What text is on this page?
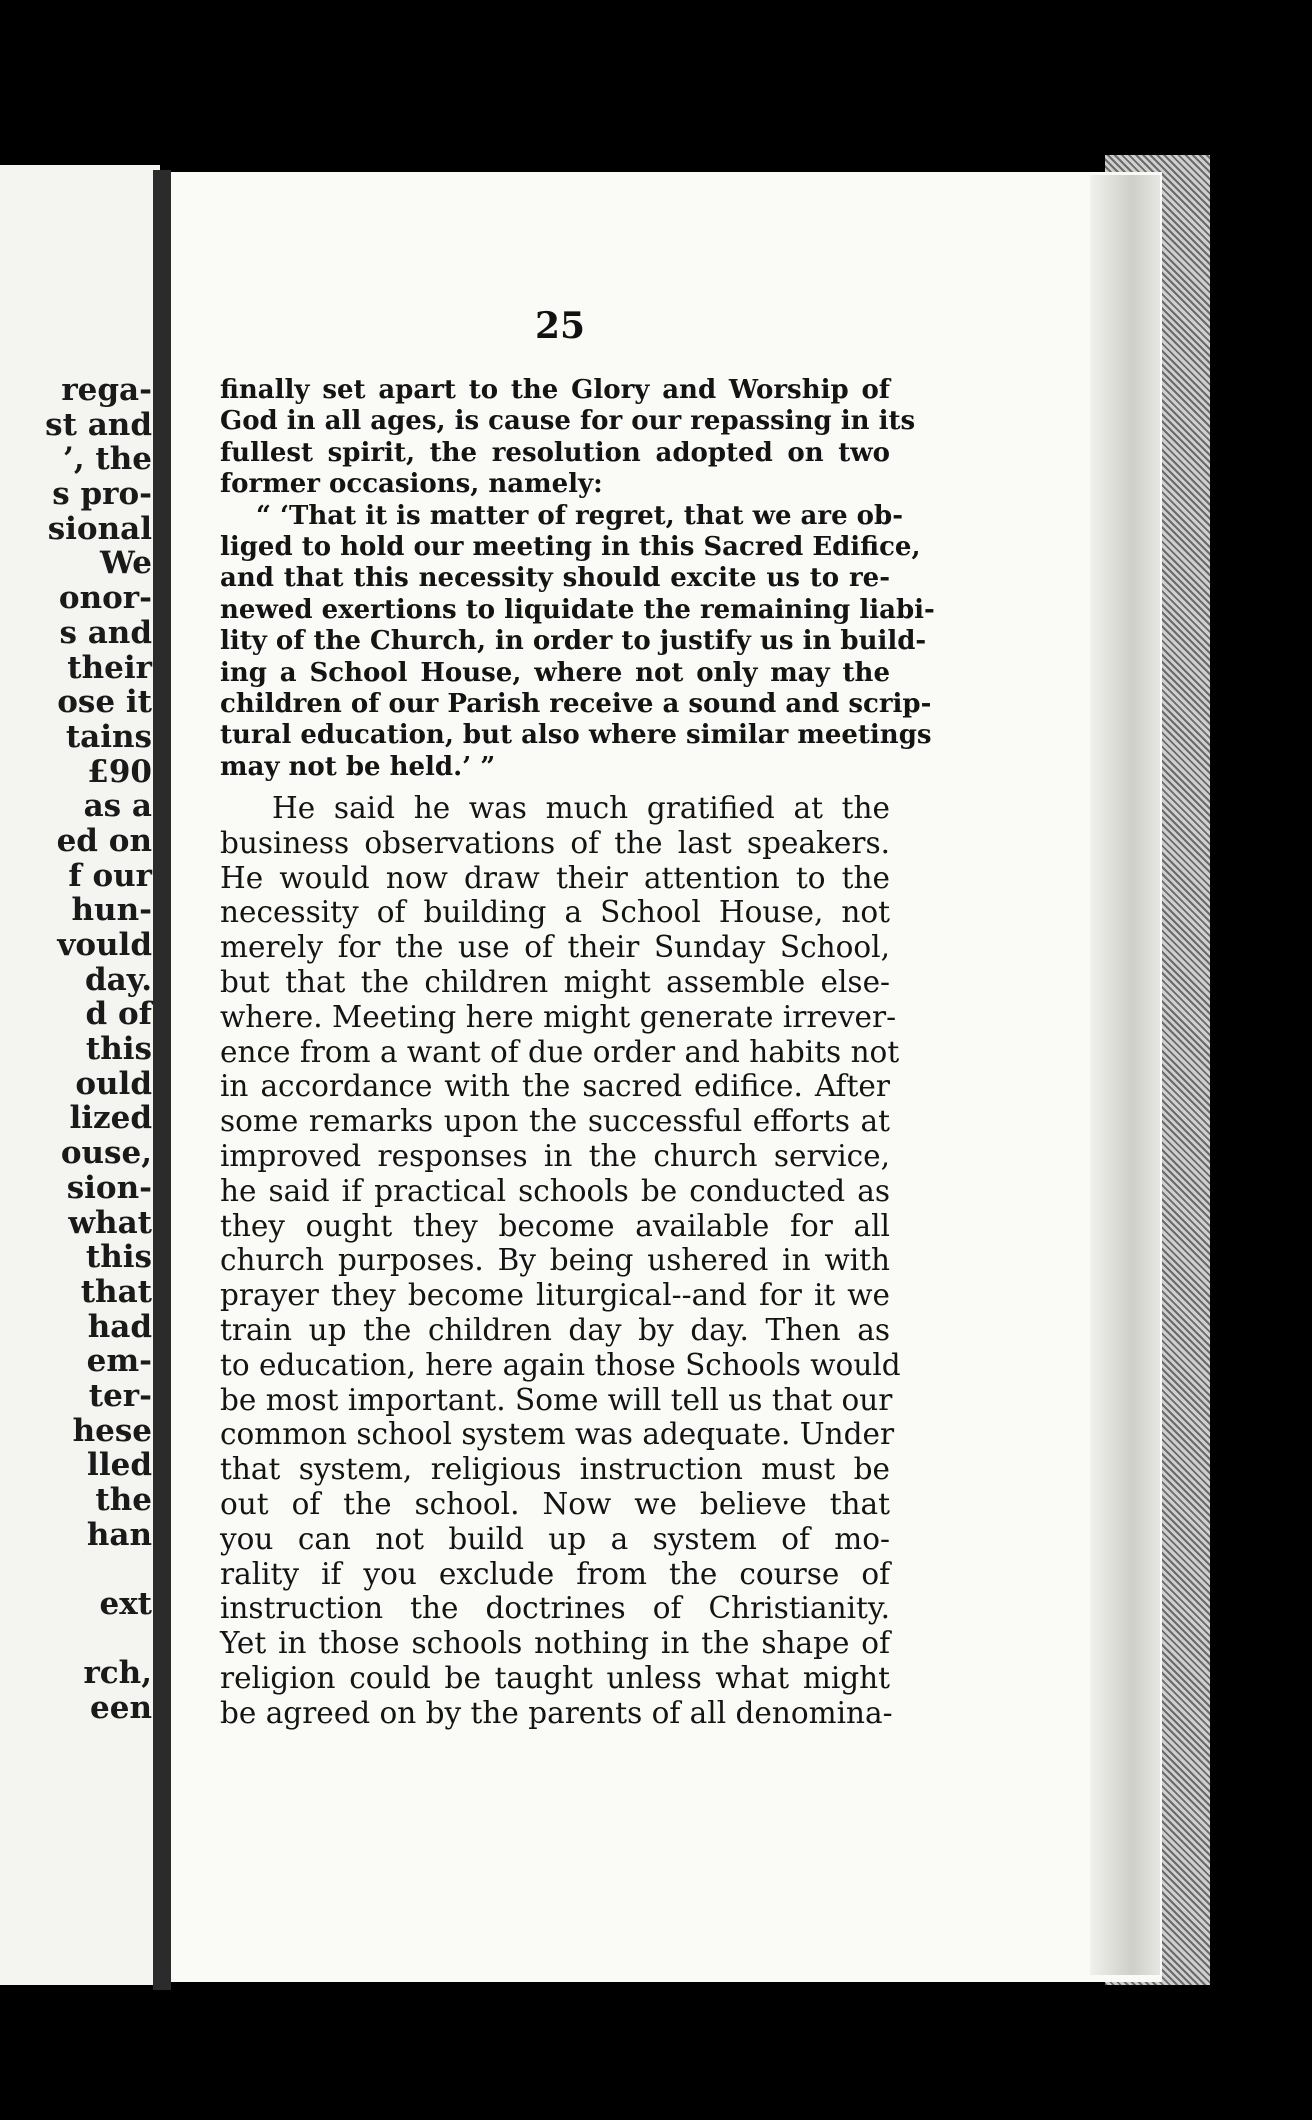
rega-
st and
’, the
s pro-
sional
We
onor-
s and
their
ose it
tains
£90
as a
ed on
f our
hun-
vould
day.
d of
this
ould
lized
ouse,
sion-
what
this
that
had
em-
ter-
hese
lled
the
han
ext
rch,
een
25
finally set apart to the Glory and Worship of
God in all ages, is cause for our repassing in its
fullest spirit, the resolution adopted on two
former occasions, namely:
“ ‘That it is matter of regret, that we are ob-
liged to hold our meeting in this Sacred Edifice,
and that this necessity should excite us to re-
newed exertions to liquidate the remaining liabi-
lity of the Church, in order to justify us in build-
ing a School House, where not only may the
children of our Parish receive a sound and scrip-
tural education, but also where similar meetings
may not be held.’ ”
He said he was much gratified at the
business observations of the last speakers.
He would now draw their attention to the
necessity of building a School House, not
merely for the use of their Sunday School,
but that the children might assemble else-
where. Meeting here might generate irrever-
ence from a want of due order and habits not
in accordance with the sacred edifice. After
some remarks upon the successful efforts at
improved responses in the church service,
he said if practical schools be conducted as
they ought they become available for all
church purposes. By being ushered in with
prayer they become liturgical--and for it we
train up the children day by day. Then as
to education, here again those Schools would
be most important. Some will tell us that our
common school system was adequate. Under
that system, religious instruction must be
out of the school. Now we believe that
you can not build up a system of mo-
rality if you exclude from the course of
instruction the doctrines of Christianity.
Yet in those schools nothing in the shape of
religion could be taught unless what might
be agreed on by the parents of all denomina-
